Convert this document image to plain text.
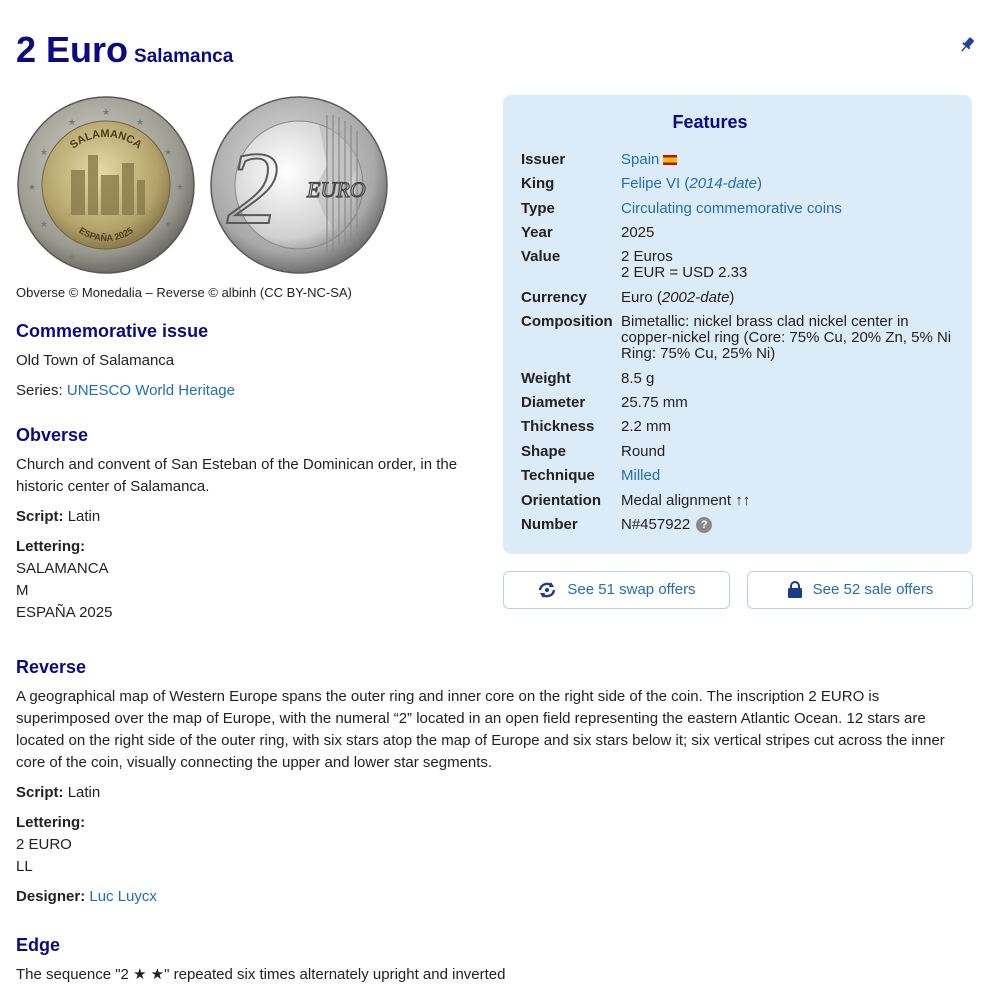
2 Euro Salamanca
★	★
★	★
★	★
★	★
★	★
★
★
SALAMANCA
ESPAÑA 2025 2 EURO
Obverse © Monedalia – Reverse © albinh (CC BY-NC-SA)
Commemorative issue

Old Town of Salamanca

Series: UNESCO World Heritage

Obverse

Church and convent of San Esteban of the Dominican order, in the historic center of Salamanca.

Script: Latin

Lettering:
SALAMANCA
M
ESPAÑA 2025
Features
Issuer	Spain
King	Felipe VI (2014-date)
Type	Circulating commemorative coins
Year	2025
Value	2 Euros
2 EUR = USD 2.33
Currency	Euro (2002-date)
Composition Bimetallic: nickel brass clad nickel center in copper-nickel ring (Core: 75% Cu, 20% Zn, 5% Ni Ring: 75% Cu, 25% Ni)
Weight	8.5 g
Diameter	25.75 mm
Thickness	2.2 mm
Shape	Round
Technique	Milled
Orientation	Medal alignment ↑↑
Number	N#457922 ?
See 51 swap offers	See 52 sale offers
Reverse

A geographical map of Western Europe spans the outer ring and inner core on the right side of the coin. The inscription 2 EURO is superimposed over the map of Europe, with the numeral “2” located in an open field representing the eastern Atlantic Ocean. 12 stars are located on the right side of the outer ring, with six stars atop the map of Europe and six stars below it; six vertical stripes cut across the inner core of the coin, visually connecting the upper and lower star segments.

Script: Latin

Lettering:
2 EURO
LL

Designer: Luc Luycx

Edge

The sequence "2 ★ ★" repeated six times alternately upright and inverted
